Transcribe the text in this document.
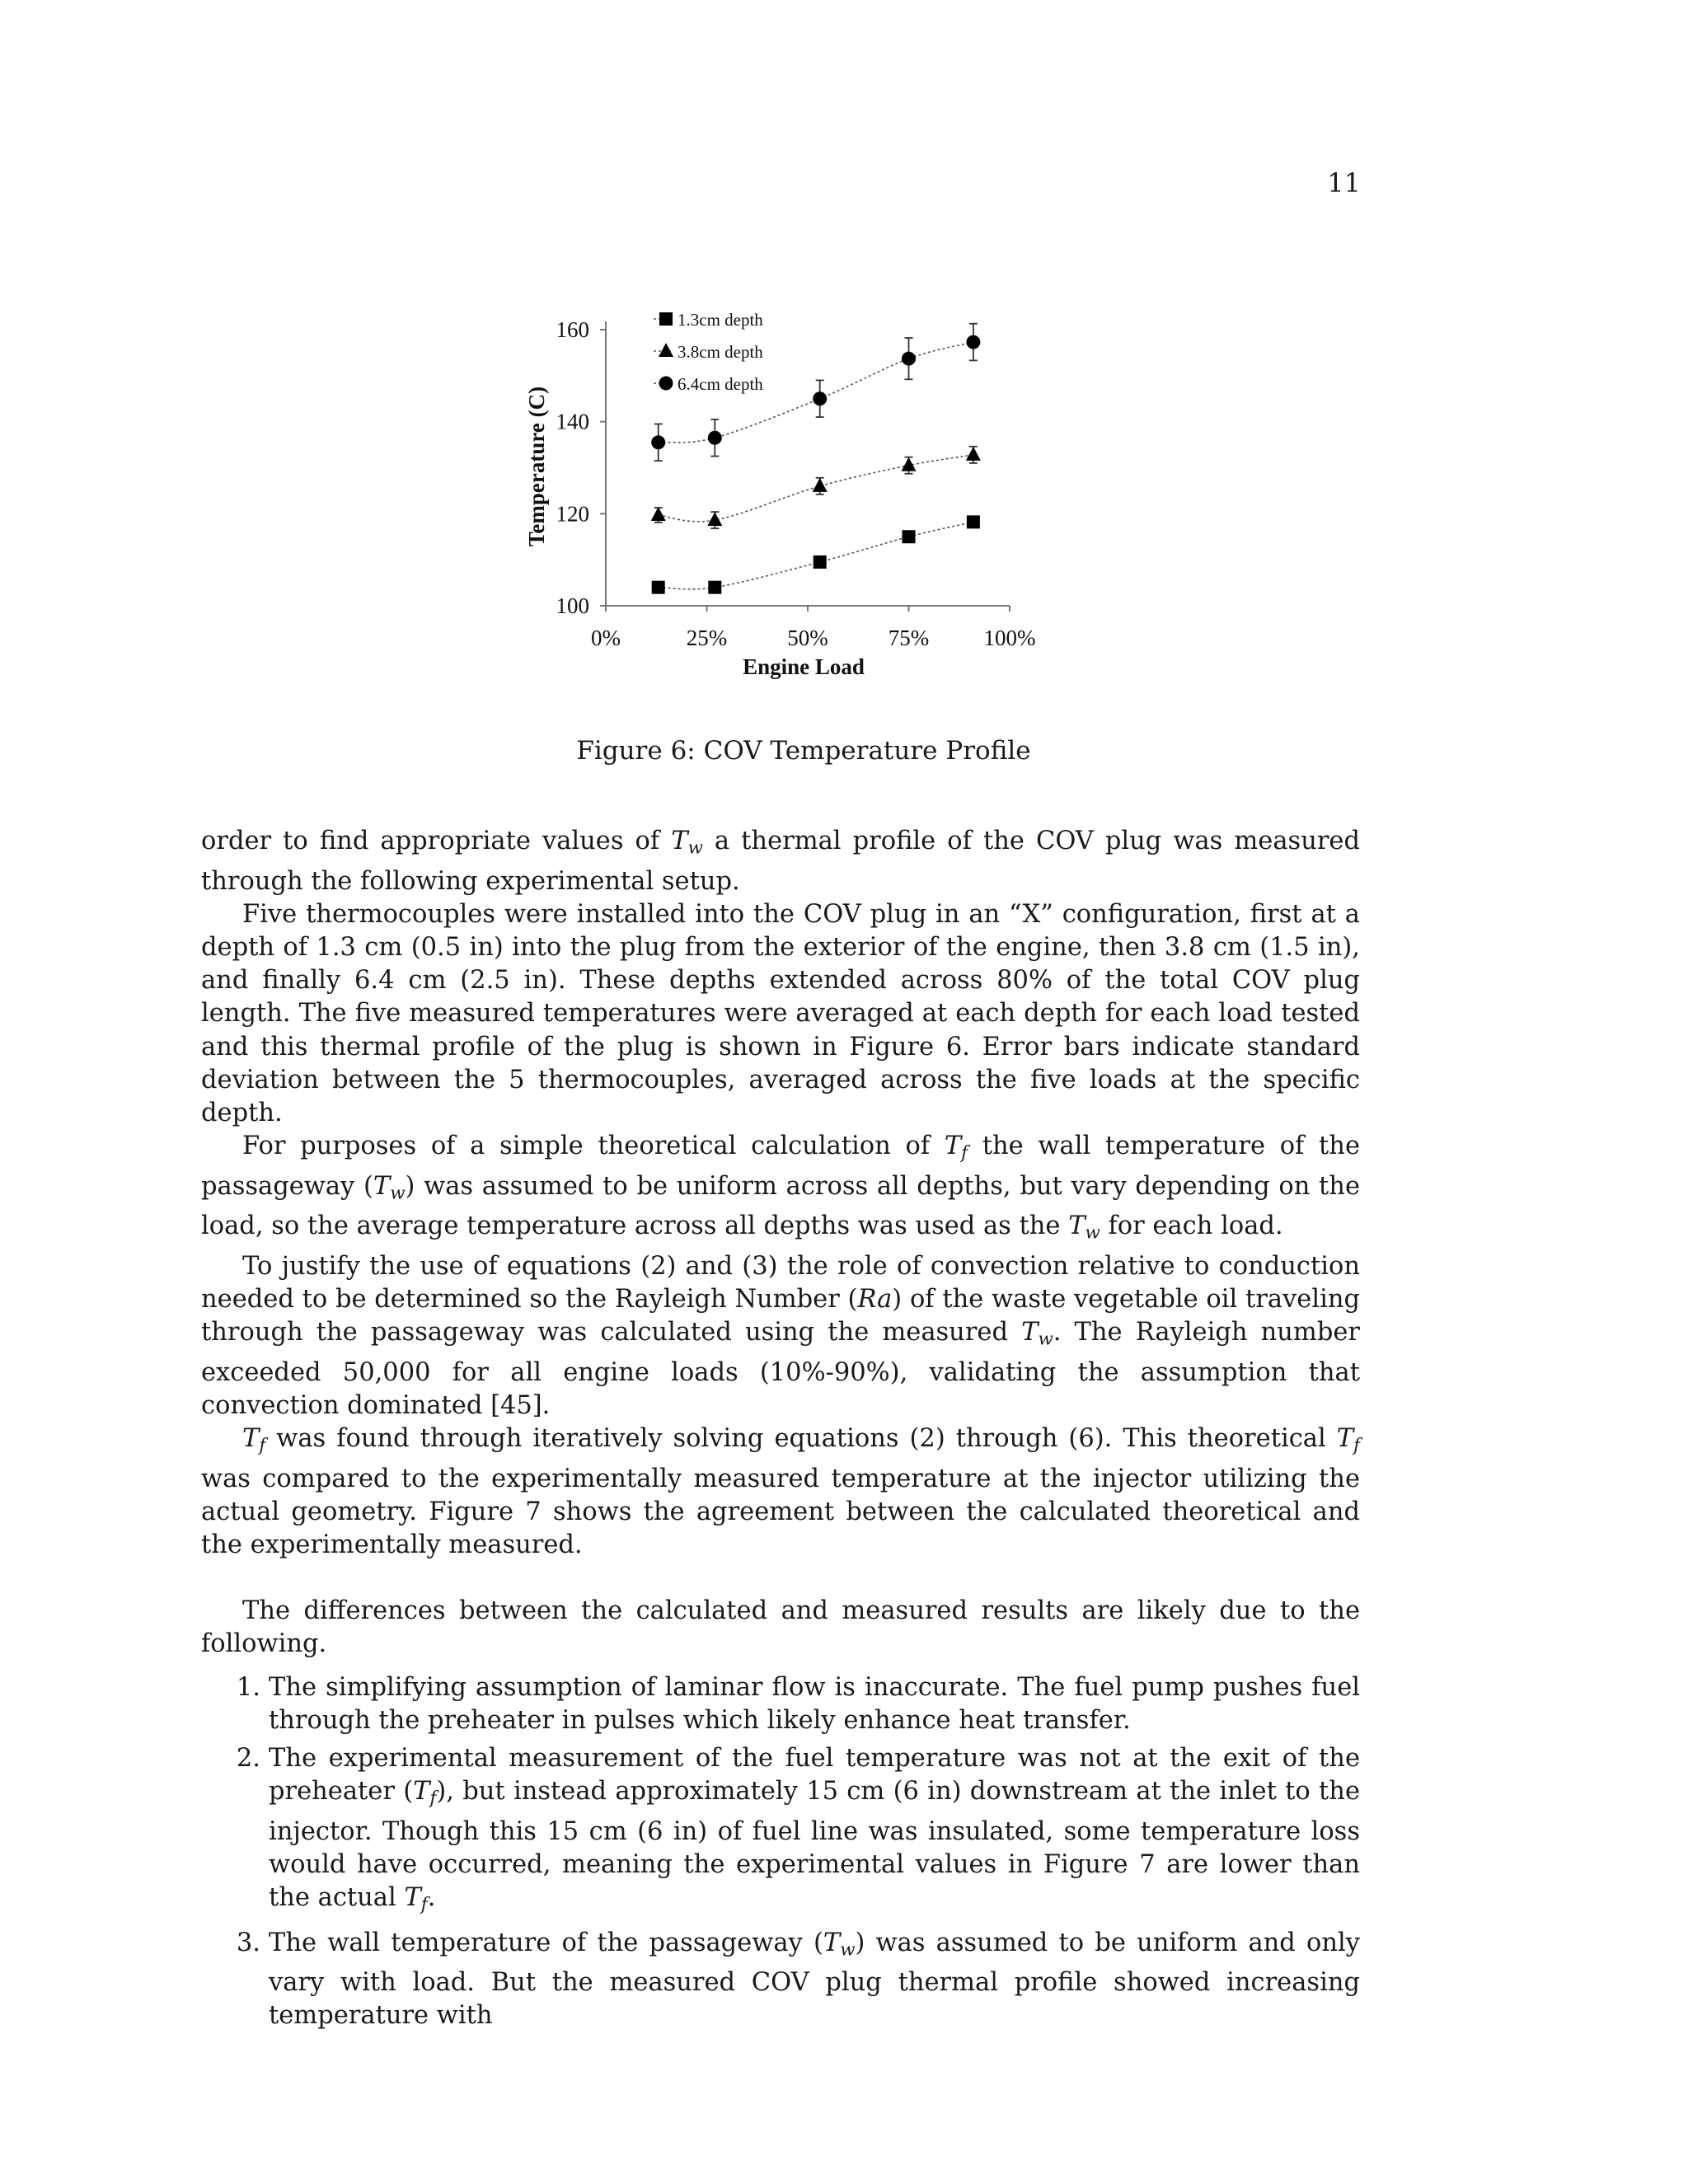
11
100
120
140
160
0%	25%	50%	75% 100%
1.3cm depth
3.8cm depth
6.4cm depth
Temperature (C)
Engine Load
Figure 6: COV Temperature Profile

order to find appropriate values of $T_w$ a thermal profile of the COV plug was measured through the following experimental setup.

Five thermocouples were installed into the COV plug in an “X” configuration, first at a depth of 1.3 cm (0.5 in) into the plug from the exterior of the engine, then 3.8 cm (1.5 in), and finally 6.4 cm (2.5 in). These depths extended across 80% of the total COV plug length. The five measured temperatures were averaged at each depth for each load tested and this thermal profile of the plug is shown in Figure 6. Error bars indicate standard deviation between the 5 thermocouples, averaged across the five loads at the specific depth.

For purposes of a simple theoretical calculation of $T_f$ the wall temperature of the passageway $(T_w)$ was assumed to be uniform across all depths, but vary depending on the load, so the average temperature across all depths was used as the $T_w$ for each load.

To justify the use of equations (2) and (3) the role of convection relative to conduction needed to be determined so the Rayleigh Number (Ra) of the waste vegetable oil traveling through the passageway was calculated using the measured $T_w$. The Rayleigh number exceeded 50,000 for all engine loads (10%-90%), validating the assumption that convection dominated [45].

$T_f$ was found through iteratively solving equations (2) through (6). This theoretical $T_f$ was compared to the experimentally measured temperature at the injector utilizing the actual geometry. Figure 7 shows the agreement between the calculated theoretical and the experimentally measured.

The differences between the calculated and measured results are likely due to the following.

1. The simplifying assumption of laminar flow is inaccurate. The fuel pump pushes fuel through the preheater in pulses which likely enhance heat transfer.
2. The experimental measurement of the fuel temperature was not at the exit of the preheater $(T_f)$, but instead approximately 15 cm (6 in) downstream at the inlet to the injector. Though this 15 cm (6 in) of fuel line was insulated, some temperature loss would have occurred, meaning the experimental values in Figure 7 are lower than the actual $T_f$.
3. The wall temperature of the passageway $(T_w)$ was assumed to be uniform and only vary with load. But the measured COV plug thermal profile showed increasing temperature with
